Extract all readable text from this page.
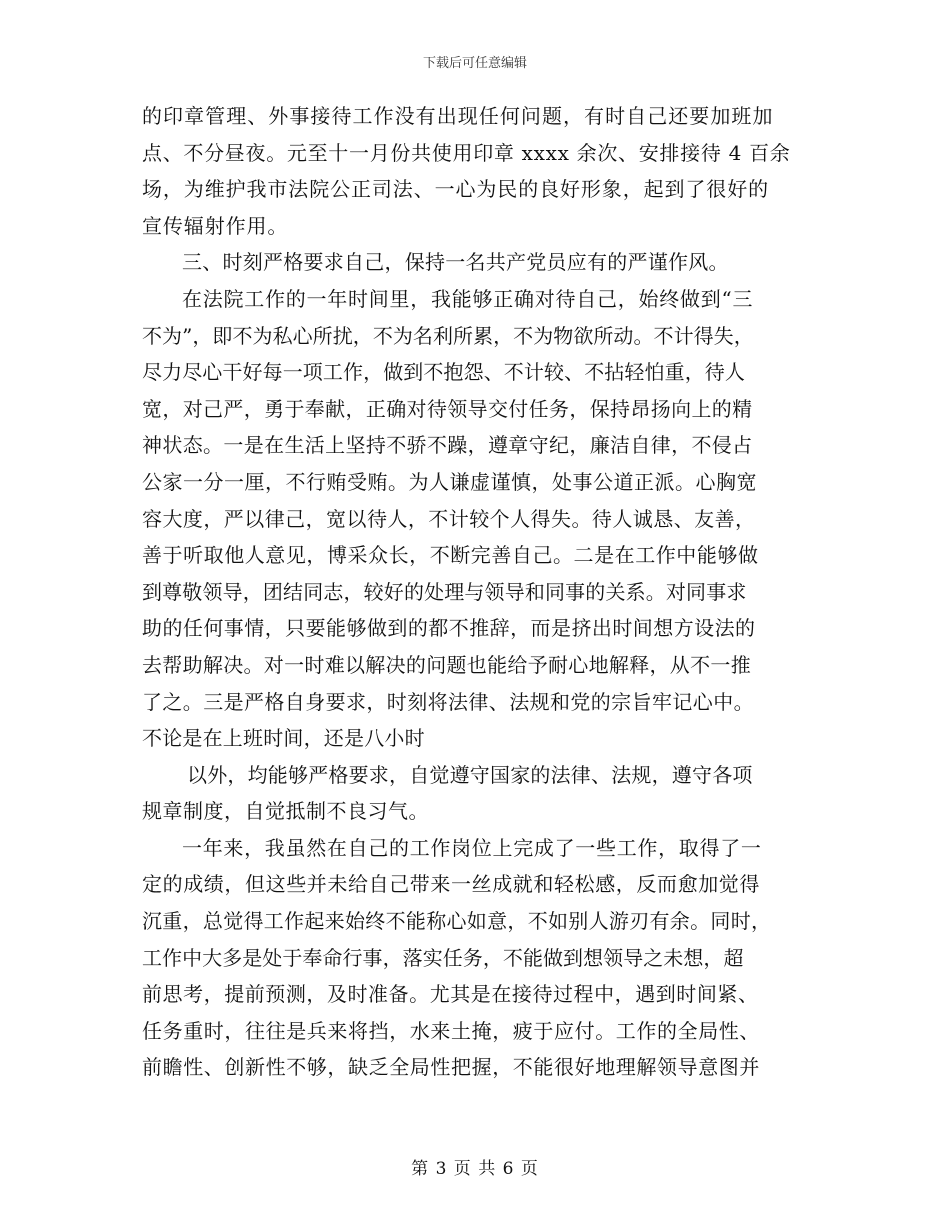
下载后可任意编辑
的印章管理、外事接待工作没有出现任何问题，有时自己还要加班加
点、不分昼夜。元至十一月份共使用印章 xxxx 余次、安排接待 4 百余
场，为维护我市法院公正司法、一心为民的良好形象，起到了很好的
宣传辐射作用。
三、时刻严格要求自己，保持一名共产党员应有的严谨作风。
在法院工作的一年时间里，我能够正确对待自己，始终做到“三
不为”，即不为私心所扰，不为名利所累，不为物欲所动。不计得失，
尽力尽心干好每一项工作，做到不抱怨、不计较、不拈轻怕重，待人
宽，对己严，勇于奉献，正确对待领导交付任务，保持昂扬向上的精
神状态。一是在生活上坚持不骄不躁，遵章守纪，廉洁自律，不侵占
公家一分一厘，不行贿受贿。为人谦虚谨慎，处事公道正派。心胸宽
容大度，严以律己，宽以待人，不计较个人得失。待人诚恳、友善，
善于听取他人意见，博采众长，不断完善自己。二是在工作中能够做
到尊敬领导，团结同志，较好的处理与领导和同事的关系。对同事求
助的任何事情，只要能够做到的都不推辞，而是挤出时间想方设法的
去帮助解决。对一时难以解决的问题也能给予耐心地解释，从不一推
了之。三是严格自身要求，时刻将法律、法规和党的宗旨牢记心中。
不论是在上班时间，还是八小时
以外，均能够严格要求，自觉遵守国家的法律、法规，遵守各项
规章制度，自觉抵制不良习气。
一年来，我虽然在自己的工作岗位上完成了一些工作，取得了一
定的成绩，但这些并未给自己带来一丝成就和轻松感，反而愈加觉得
沉重，总觉得工作起来始终不能称心如意，不如别人游刃有余。同时，
工作中大多是处于奉命行事，落实任务，不能做到想领导之未想，超
前思考，提前预测，及时准备。尤其是在接待过程中，遇到时间紧、
任务重时，往往是兵来将挡，水来土掩，疲于应付。工作的全局性、
前瞻性、创新性不够，缺乏全局性把握，不能很好地理解领导意图并
第 3 页 共 6 页
